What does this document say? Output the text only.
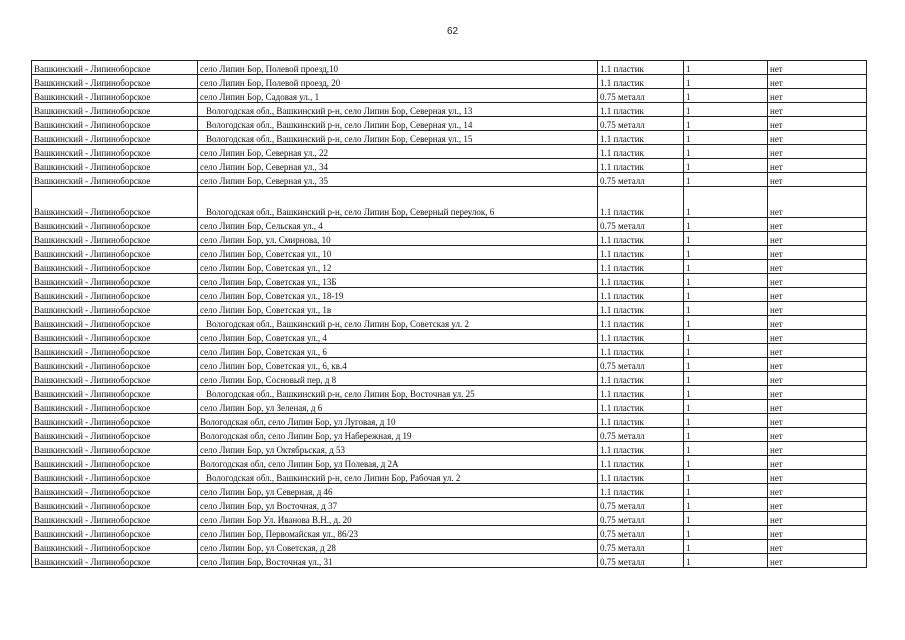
62
Вашкинский - Липиноборское	село Липин Бор, Полевой проезд,10	1.1 пластик	1	нет
Вашкинский - Липиноборское	село Липин Бор, Полевой проезд, 20	1.1 пластик	1	нет
Вашкинский - Липиноборское	село Липин Бор, Садовая ул., 1	0.75 металл	1	нет
Вашкинский - Липиноборское	Вологодская обл., Вашкинский р-н, село Липин Бор, Северная ул., 13	1.1 пластик	1	нет
Вашкинский - Липиноборское	Вологодская обл., Вашкинский р-н, село Липин Бор, Северная ул., 14	0.75 металл	1	нет
Вашкинский - Липиноборское	Вологодская обл., Вашкинский р-н, село Липин Бор, Северная ул., 15	1.1 пластик	1	нет
Вашкинский - Липиноборское	село Липин Бор, Северная ул., 22	1.1 пластик	1	нет
Вашкинский - Липиноборское	село Липин Бор, Северная ул., 34	1.1 пластик	1	нет
Вашкинский - Липиноборское	село Липин Бор, Северная ул., 35	0.75 металл	1	нет
Вашкинский - Липиноборское	Вологодская обл., Вашкинский р-н, село Липин Бор, Северный переулок, 6	1.1 пластик	1	нет
Вашкинский - Липиноборское	село Липин Бор, Сельская ул., 4	0.75 металл	1	нет
Вашкинский - Липиноборское	село Липин Бор, ул. Смирнова, 10	1.1 пластик	1	нет
Вашкинский - Липиноборское	село Липин Бор, Советская ул., 10	1.1 пластик	1	нет
Вашкинский - Липиноборское	село Липин Бор, Советская ул., 12	1.1 пластик	1	нет
Вашкинский - Липиноборское	село Липин Бор, Советская ул., 13Б	1.1 пластик	1	нет
Вашкинский - Липиноборское	село Липин Бор, Советская ул., 18-19	1.1 пластик	1	нет
Вашкинский - Липиноборское	село Липин Бор, Советская ул., 1в	1.1 пластик	1	нет
Вашкинский - Липиноборское	Вологодская обл., Вашкинский р-н, село Липин Бор, Советская ул. 2	1.1 пластик	1	нет
Вашкинский - Липиноборское	село Липин Бор, Советская ул., 4	1.1 пластик	1	нет
Вашкинский - Липиноборское	село Липин Бор, Советская ул., 6	1.1 пластик	1	нет
Вашкинский - Липиноборское	село Липин Бор, Советская ул., 6, кв.4	0.75 металл	1	нет
Вашкинский - Липиноборское	село Липин Бор, Сосновый пер, д 8	1.1 пластик	1	нет
Вашкинский - Липиноборское	Вологодская обл., Вашкинский р-н, село Липин Бор, Восточная ул. 25	1.1 пластик	1	нет
Вашкинский - Липиноборское	село Липин Бор, ул Зеленая, д 6	1.1 пластик	1	нет
Вашкинский - Липиноборское	Вологодская обл, село Липин Бор, ул Луговая, д 10	1.1 пластик	1	нет
Вашкинский - Липиноборское	Вологодская обл, село Липин Бор, ул Набережная, д 19	0.75 металл	1	нет
Вашкинский - Липиноборское	село Липин Бор, ул Октябрьская, д 53	1.1 пластик	1	нет
Вашкинский - Липиноборское	Вологодская обл, село Липин Бор, ул Полевая, д 2А	1.1 пластик	1	нет
Вашкинский - Липиноборское	Вологодская обл., Вашкинский р-н, село Липин Бор, Рабочая ул. 2	1.1 пластик	1	нет
Вашкинский - Липиноборское	село Липин Бор, ул Северная, д 46	1.1 пластик	1	нет
Вашкинский - Липиноборское	село Липин Бор, ул Восточная, д 37	0.75 металл	1	нет
Вашкинский - Липиноборское	село Липин Бор Ул. Иванова В.Н., д. 20	0.75 металл	1	нет
Вашкинский - Липиноборское	село Липин Бор, Первомайская ул., 86/23	0.75 металл	1	нет
Вашкинский - Липиноборское	село Липин Бор, ул Советская, д 28	0.75 металл	1	нет
Вашкинский - Липиноборское	село Липин Бор, Восточная ул., 31	0.75 металл	1	нет
